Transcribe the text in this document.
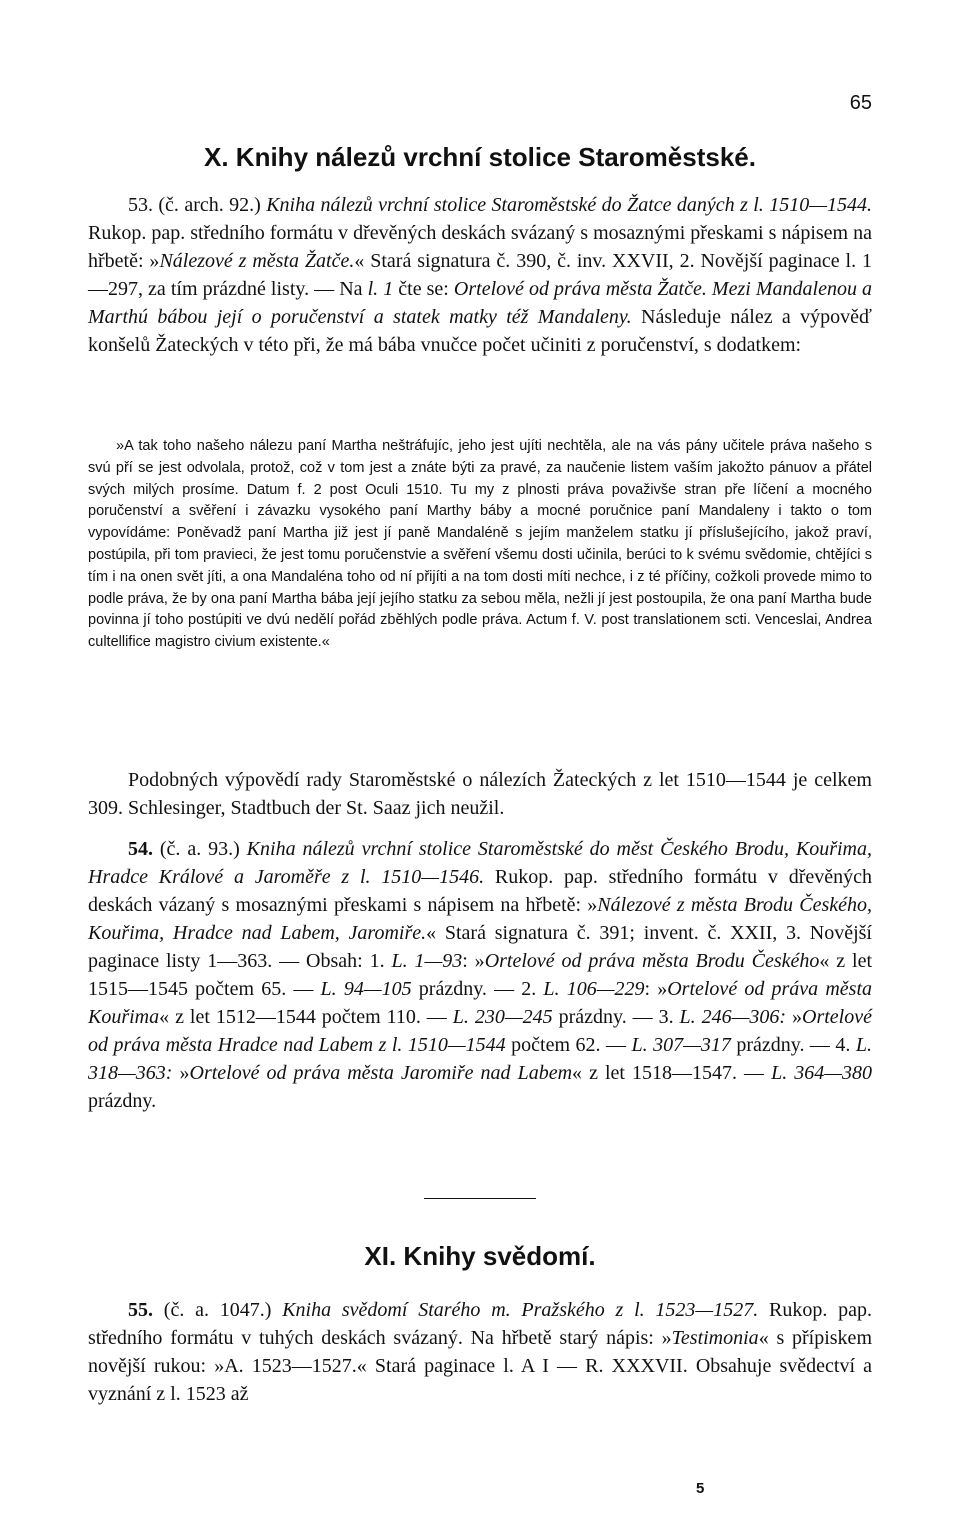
X. Knihy nálezů vrchní stolice Staroměstské.

53. (č. arch. 92.) Kniha nálezů vrchní stolice Staroměstské do Žatce daných z l. 1510—1544. Rukop. pap. středního formátu v dřevěných deskách svázaný s mosaznými přeskami s nápisem na hřbetě: »Nálezové z města Žatče.« Stará signatura č. 390, č. inv. XXVII, 2. Novější paginace l. 1—297, za tím prázdné listy. — Na l. 1 čte se: Ortelové od práva města Žatče. Mezi Mandalenou a Marthú bábou její o poručenství a statek matky též Mandaleny. Následuje nález a výpověď konšelů Žateckých v této při, že má bába vnučce počet učiniti z poručenství, s dodatkem:

»A tak toho našeho nálezu paní Martha neštráfujíc, jeho jest ujíti nechtěla, ale na vás pány učitele práva našeho s svú pří se jest odvolala, protož, což v tom jest a znáte býti za pravé, za naučenie listem vaším jakožto pánuov a přátel svých milých prosíme. Datum f. 2 post Oculi 1510. Tu my z plnosti práva považivše stran pře líčení a mocného poručenství a svěření i závazku vysokého paní Marthy báby a mocné poručnice paní Mandaleny i takto o tom vypovídáme: Poněvadž paní Martha již jest jí paně Mandaléně s jejím manželem statku jí příslušejícího, jakož praví, postúpila, při tom pravieci, že jest tomu poručenstvie a svěření všemu dosti učinila, berúci to k svému svědomie, chtějíci s tím i na onen svět jíti, a ona Mandaléna toho od ní přijíti a na tom dosti míti nechce, i z té příčiny, cožkoli provede mimo to podle práva, že by ona paní Martha bába její jejího statku za sebou měla, nežli jí jest postoupila, že ona paní Martha bude povinna jí toho postúpiti ve dvú nedělí pořád zběhlých podle práva. Actum f. V. post translationem scti. Venceslai, Andrea cultellifice magistro civium existente.«

Podobných výpovědí rady Staroměstské o nálezích Žateckých z let 1510—1544 je celkem 309. Schlesinger, Stadtbuch der St. Saaz jich neužil.

54. (č. a. 93.) Kniha nálezů vrchní stolice Staroměstské do měst Českého Brodu, Kouřima, Hradce Králové a Jaroměře z l. 1510—1546. Rukop. pap. středního formátu v dřevěných deskách vázaný s mosaznými přeskami s nápisem na hřbetě: »Nálezové z města Brodu Českého, Kouřima, Hradce nad Labem, Jaromiře.« Stará signatura č. 391; invent. č. XXII, 3. Novější paginace listy 1—363. — Obsah: 1. L. 1—93: »Ortelové od práva města Brodu Českého« z let 1515—1545 počtem 65. — L. 94—105 prázdny. — 2. L. 106—229: »Ortelové od práva města Kouřima« z let 1512—1544 počtem 110. — L. 230—245 prázdny. — 3. L. 246—306: »Ortelové od práva města Hradce nad Labem z l. 1510—1544 počtem 62. — L. 307—317 prázdny. — 4. L. 318—363: »Ortelové od práva města Jaromiře nad Labem« z let 1518—1547. — L. 364—380 prázdny.

XI. Knihy svědomí.

55. (č. a. 1047.) Kniha svědomí Starého m. Pražského z l. 1523—1527. Rukop. pap. středního formátu v tuhých deskách svázaný. Na hřbetě starý nápis: »Testimonia« s přípiskem novější rukou: »A. 1523—1527.« Stará paginace l. A I — R. XXXVII. Obsahuje svědectví a vyznání z l. 1523 až

65

5
